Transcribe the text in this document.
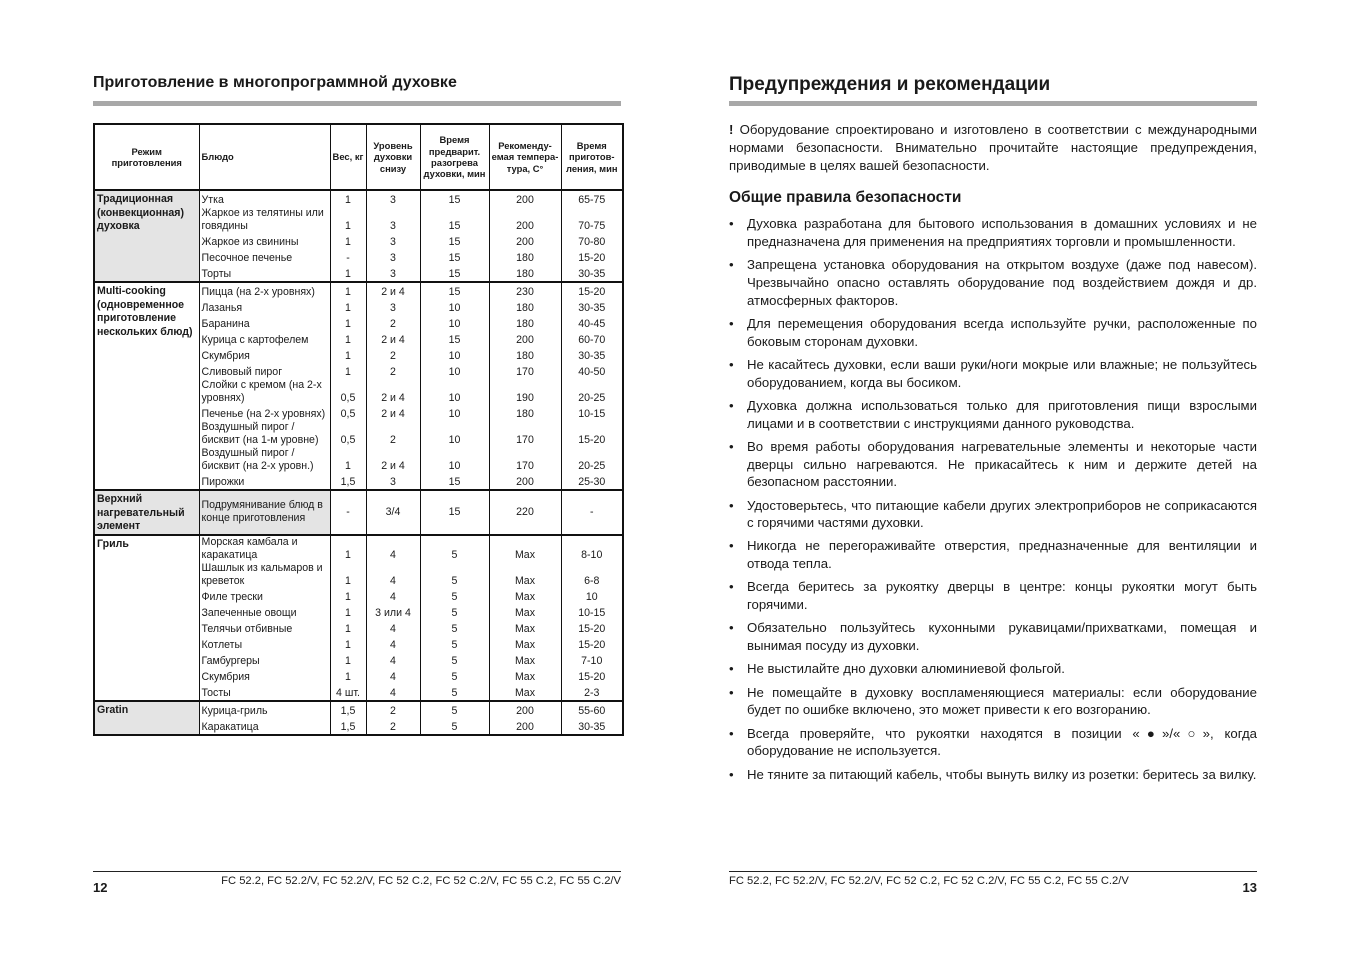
Приготовление в многопрограммной духовке
Режим приготовления	Блюдо	Вес, кг	Уровень духовки снизу	Время предварит. разогрева духовки, мин	Рекоменду-емая темпера-тура, С°	Время приготов-ления, мин
Традиционная (конвекционная) духовка	Утка	1	3	15	200	65-75
	Жаркое из телятины или говядины	1	3	15	200	70-75
	Жаркое из свинины	1	3	15	200	70-80
	Песочное печенье	-	3	15	180	15-20
	Торты	1	3	15	180	30-35
Multi-cooking (одновременное приготовление нескольких блюд)	Пицца (на 2-х уровнях)	1	2 и 4	15	230	15-20
	Лазанья	1	3	10	180	30-35
	Баранина	1	2	10	180	40-45
	Курица с картофелем	1	2 и 4	15	200	60-70
	Скумбрия	1	2	10	180	30-35
	Сливовый пирог	1	2	10	170	40-50
	Слойки с кремом (на 2-х уровнях)	0,5	2 и 4	10	190	20-25
	Печенье (на 2-х уровнях)	0,5	2 и 4	10	180	10-15
	Воздушный пирог / бисквит (на 1-м уровне)	0,5	2	10	170	15-20
	Воздушный пирог / бисквит (на 2-х уровн.)	1	2 и 4	10	170	20-25
	Пирожки	1,5	3	15	200	25-30
Верхний нагревательный элемент	Подрумянивание блюд в конце приготовления	-	3/4	15	220	-
Гриль	Морская камбала и каракатица	1	4	5	Max	8-10
	Шашлык из кальмаров и креветок	1	4	5	Max	6-8
	Филе трески	1	4	5	Max	10
	Запеченные овощи	1	3 или 4	5	Max	10-15
	Телячьи отбивные	1	4	5	Max	15-20
	Котлеты	1	4	5	Max	15-20
	Гамбургеры	1	4	5	Max	7-10
	Скумбрия	1	4	5	Max	15-20
	Тосты	4 шт.	4	5	Max	2-3
Gratin	Курица-гриль	1,5	2	5	200	55-60
	Каракатица	1,5	2	5	200	30-35
12	FC 52.2, FC 52.2/V, FC 52.2/V, FC 52 C.2, FC 52 C.2/V, FC 55 C.2, FC 55 C.2/V
Предупреждения и рекомендации
! Оборудование спроектировано и изготовлено в соответствии с международными нормами безопасности. Внимательно прочитайте настоящие предупреждения, приводимые в целях вашей безопасности.
Общие правила безопасности
• Духовка разработана для бытового использования в домашних условиях и не предназначена для применения на предприятиях торговли и промышленности.
• Запрещена установка оборудования на открытом воздухе (даже под навесом). Чрезвычайно опасно оставлять оборудование под воздействием дождя и др. атмосферных факторов.
• Для перемещения оборудования всегда используйте ручки, расположенные по боковым сторонам духовки.
• Не касайтесь духовки, если ваши руки/ноги мокрые или влажные; не пользуйтесь оборудованием, когда вы босиком.
• Духовка должна использоваться только для приготовления пищи взрослыми лицами и в соответствии с инструкциями данного руководства.
• Во время работы оборудования нагревательные элементы и некоторые части дверцы сильно нагреваются. Не прикасайтесь к ним и держите детей на безопасном расстоянии.
• Удостоверьтесь, что питающие кабели других электроприборов не соприкасаются с горячими частями духовки.
• Никогда не перегораживайте отверстия, предназначенные для вентиляции и отвода тепла.
• Всегда беритесь за рукоятку дверцы в центре: концы рукоятки могут быть горячими.
• Обязательно пользуйтесь кухонными рукавицами/прихватками, помещая и вынимая посуду из духовки.
• Не выстилайте дно духовки алюминиевой фольгой.
• Не помещайте в духовку воспламеняющиеся материалы: если оборудование будет по ошибке включено, это может привести к его возгоранию.
• Всегда проверяйте, что рукоятки находятся в позиции «●»/«○», когда оборудование не используется.
• Не тяните за питающий кабель, чтобы вынуть вилку из розетки: беритесь за вилку.
FC 52.2, FC 52.2/V, FC 52.2/V, FC 52 C.2, FC 52 C.2/V, FC 55 C.2, FC 55 C.2/V	13
